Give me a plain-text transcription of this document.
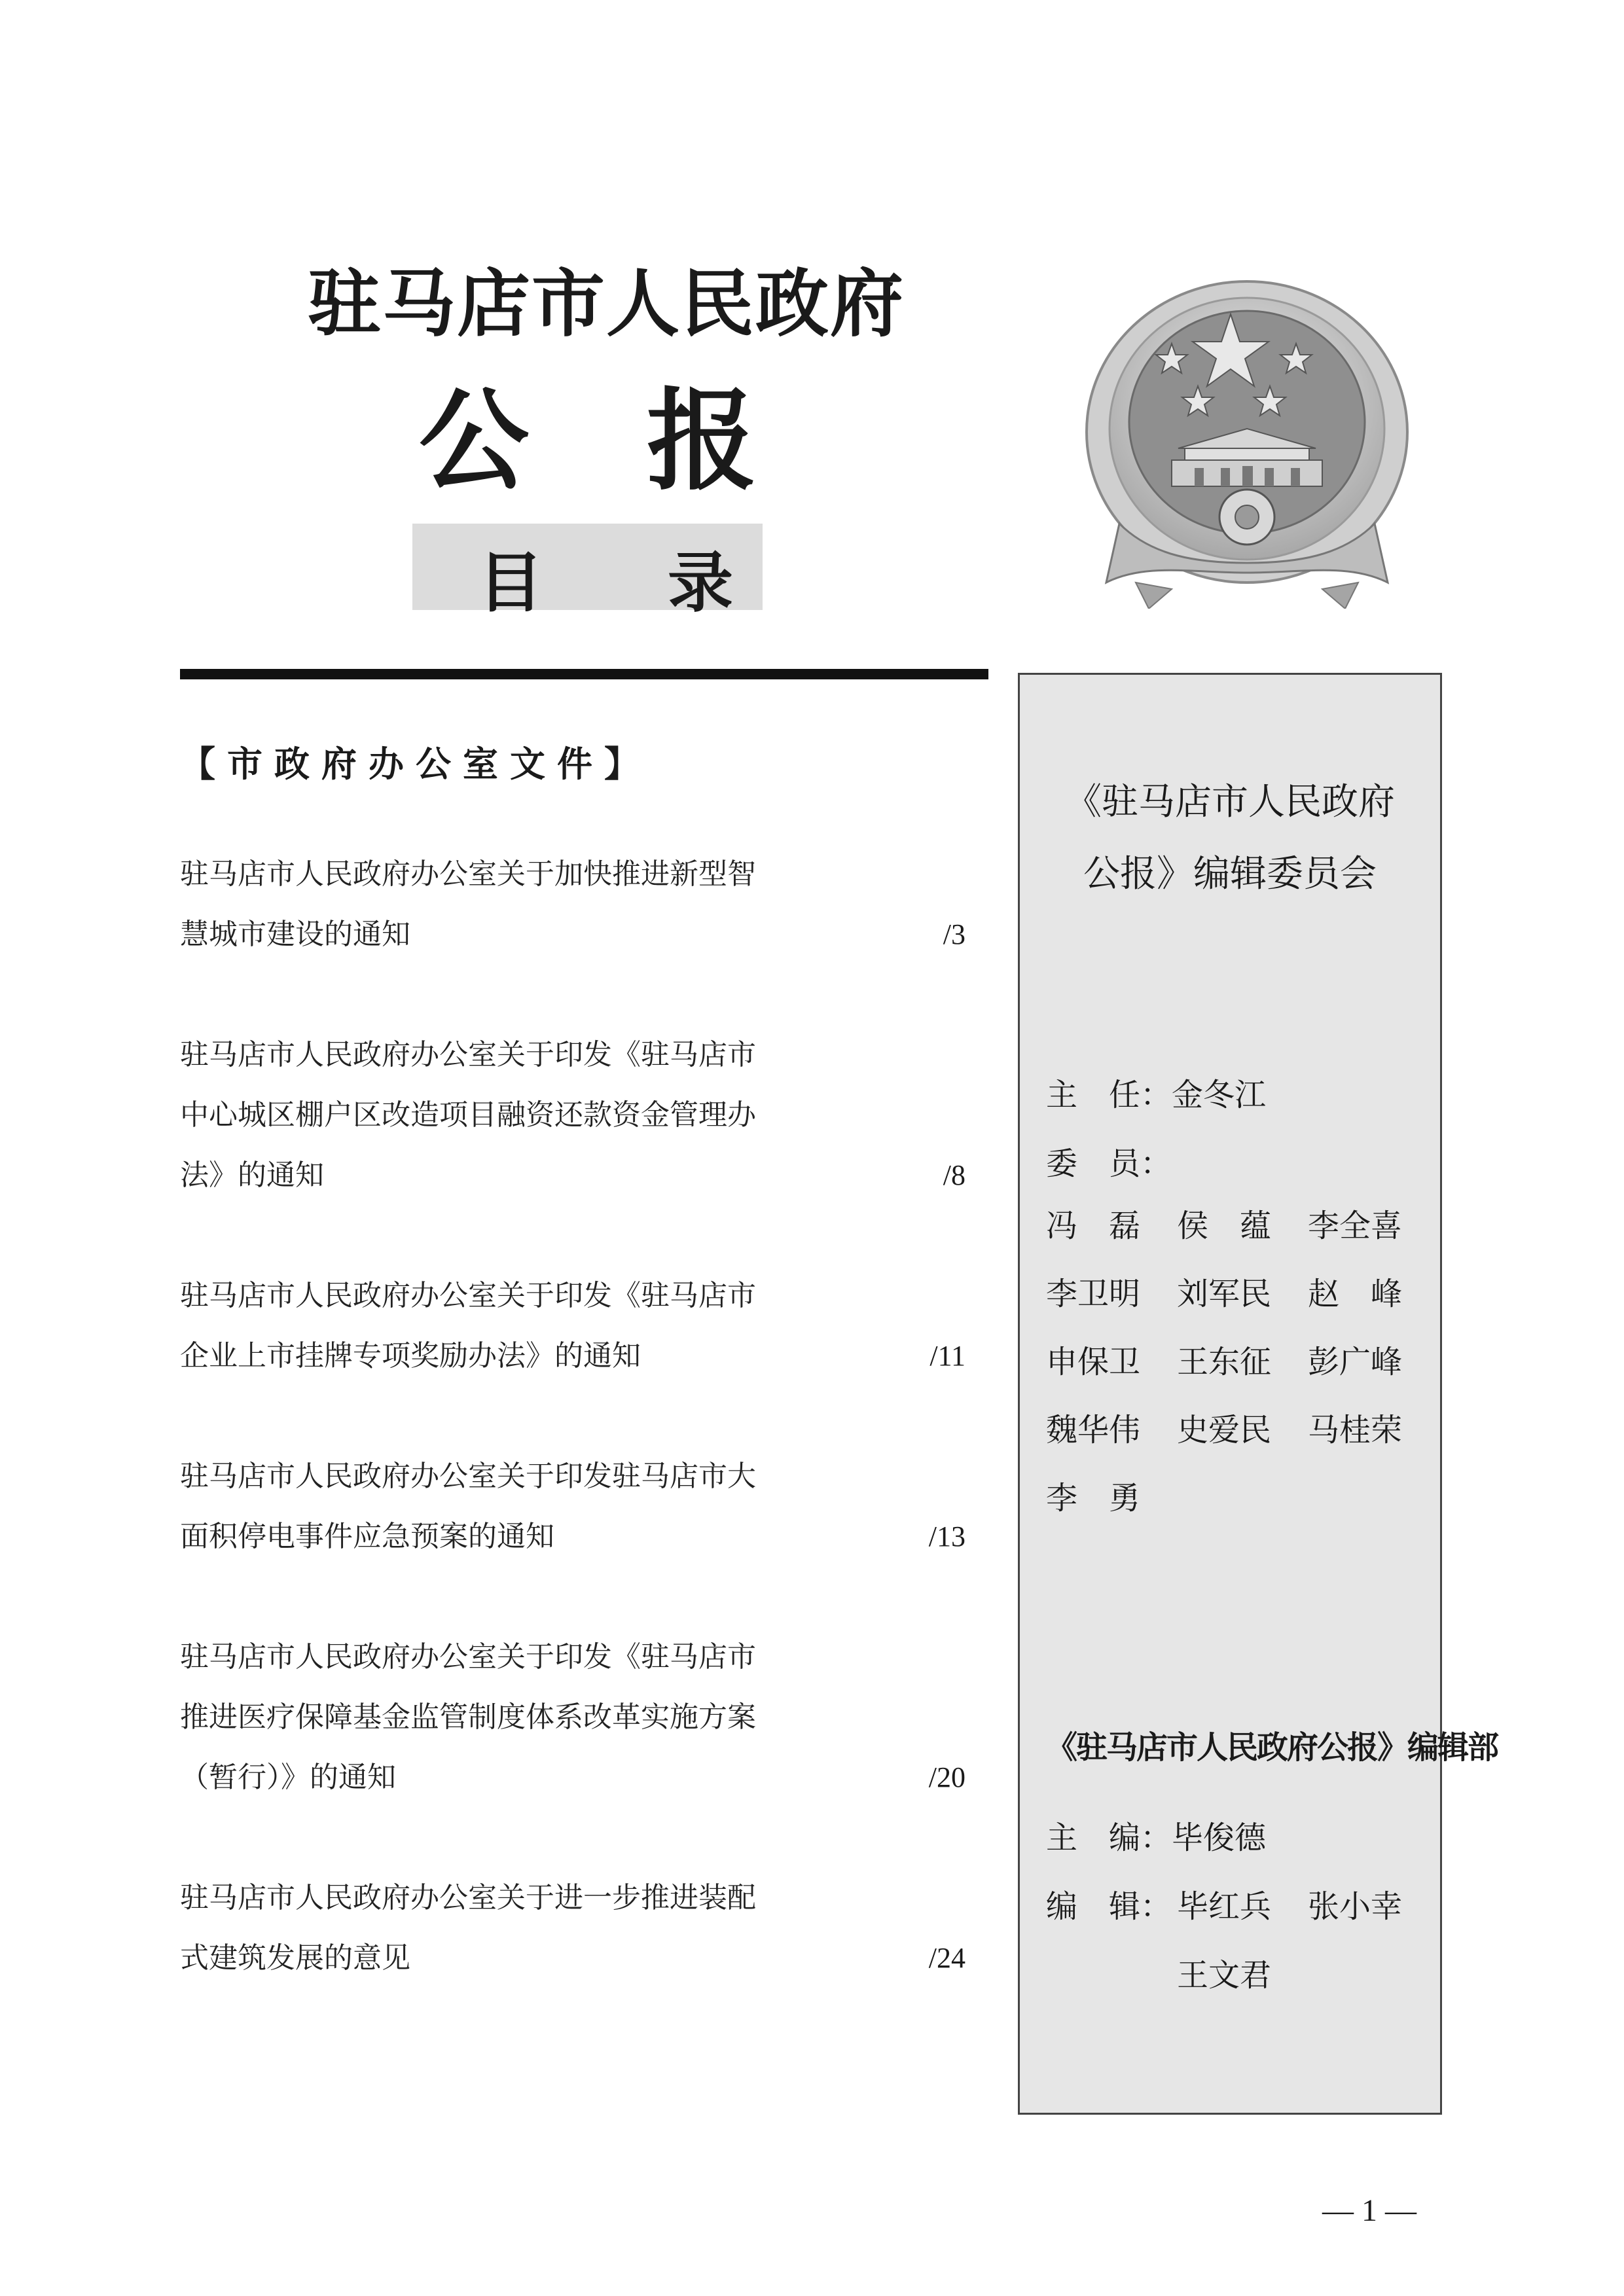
驻马店市人民政府
公 报
目 录
【市政府办公室文件】
驻马店市人民政府办公室关于加快推进新型智
慧城市建设的通知	/3
驻马店市人民政府办公室关于印发《驻马店市
中心城区棚户区改造项目融资还款资金管理办
法》的通知	/8
驻马店市人民政府办公室关于印发《驻马店市
企业上市挂牌专项奖励办法》的通知	/11
驻马店市人民政府办公室关于印发驻马店市大
面积停电事件应急预案的通知	/13
驻马店市人民政府办公室关于印发《驻马店市
推进医疗保障基金监管制度体系改革实施方案
（暂行）》的通知	/20
驻马店市人民政府办公室关于进一步推进装配
式建筑发展的意见	/24
《驻马店市人民政府
公报》编辑委员会
主　任：金冬江
委　员：
冯　磊 侯　蕴 李全喜
李卫明 刘军民 赵　峰
申保卫 王东征 彭广峰
魏华伟 史爱民 马桂荣
李　勇
《驻马店市人民政府公报》编辑部
主　编：毕俊德
编　辑： 毕红兵 张小幸
王文君
— 1 —
